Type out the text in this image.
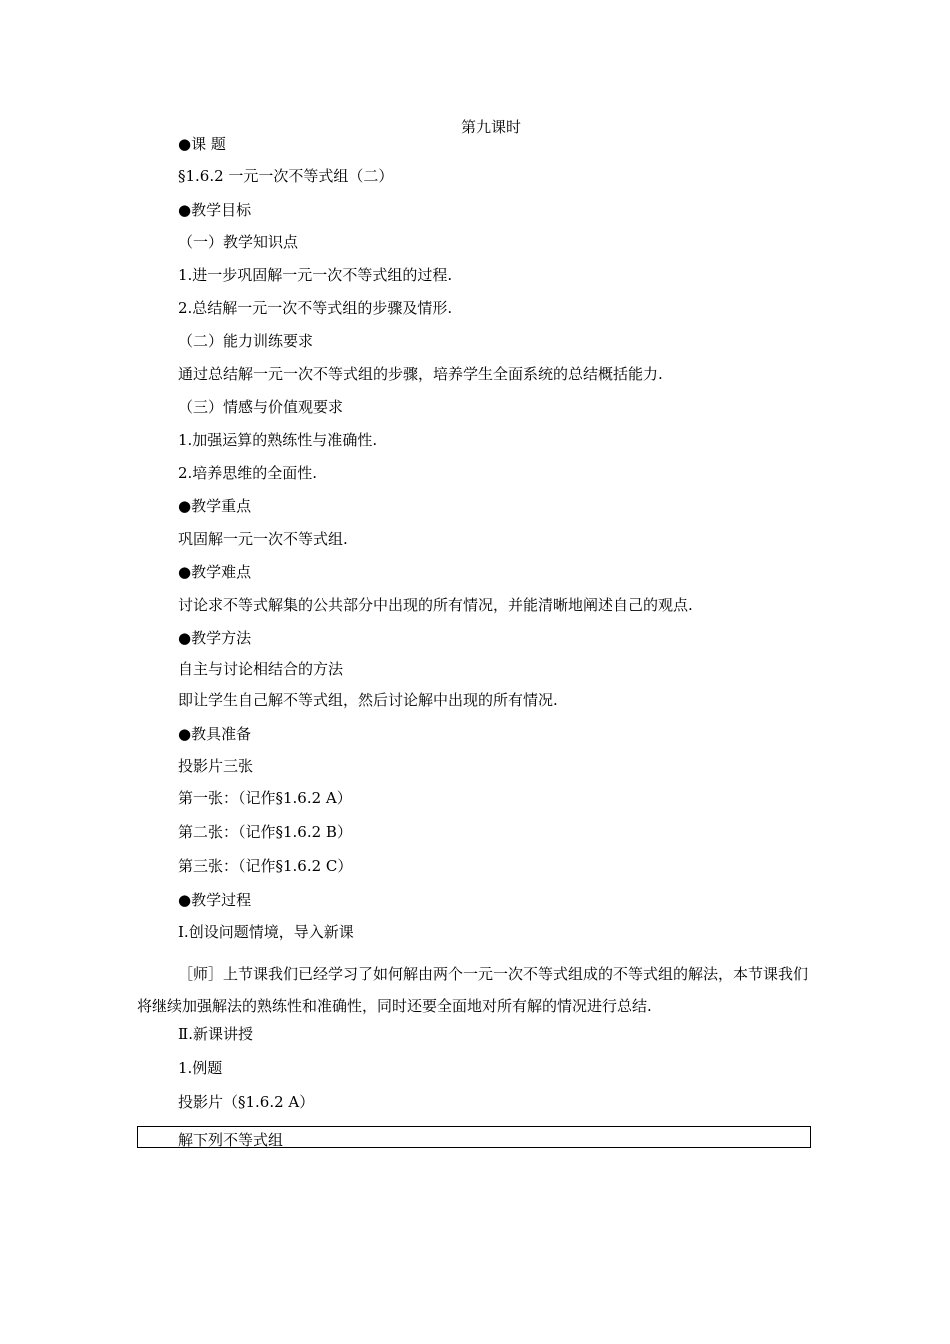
第九课时
●课 题
§1.6.2 一元一次不等式组（二）
●教学目标
（一）教学知识点
1.进一步巩固解一元一次不等式组的过程.
2.总结解一元一次不等式组的步骤及情形.
（二）能力训练要求
通过总结解一元一次不等式组的步骤，培养学生全面系统的总结概括能力.
（三）情感与价值观要求
1.加强运算的熟练性与准确性.
2.培养思维的全面性.
●教学重点
巩固解一元一次不等式组.
●教学难点
讨论求不等式解集的公共部分中出现的所有情况，并能清晰地阐述自己的观点.
●教学方法
自主与讨论相结合的方法
即让学生自己解不等式组，然后讨论解中出现的所有情况.
●教具准备
投影片三张
第一张：（记作§1.6.2 A）
第二张：（记作§1.6.2 B）
第三张：（记作§1.6.2 C）
●教学过程
Ⅰ.创设问题情境，导入新课
［师］上节课我们已经学习了如何解由两个一元一次不等式组成的不等式组的解法，本节课我们将继续加强解法的熟练性和准确性，同时还要全面地对所有解的情况进行总结.
Ⅱ.新课讲授
1.例题
投影片（§1.6.2 A）
解下列不等式组
